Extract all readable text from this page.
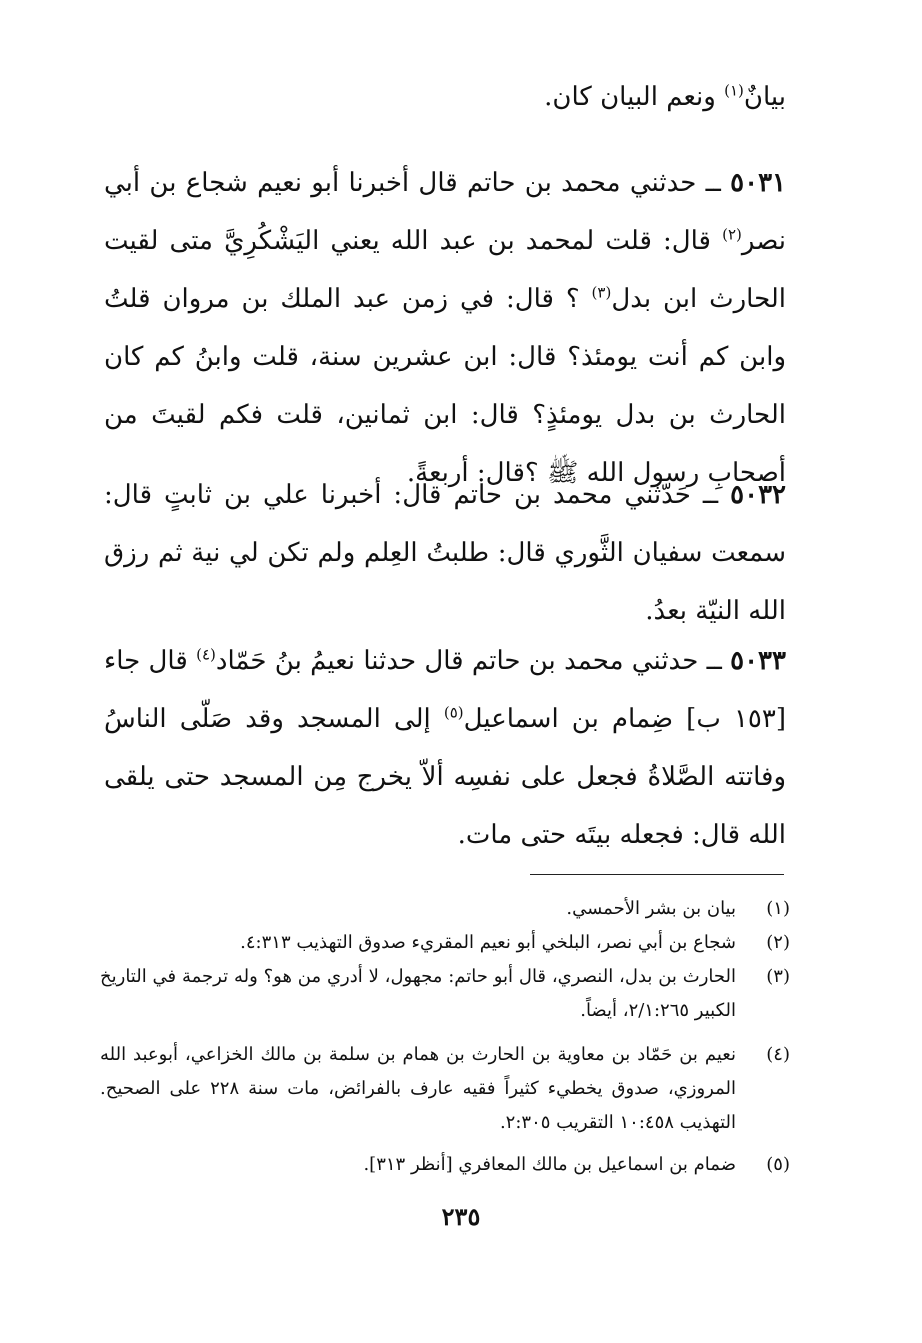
بيانٌ$^{(١)}$ ونعم البيان كان.
٥٠٣١ ــ حدثني محمد بن حاتم قال أخبرنا أبو نعيم شجاع بن أبي نصر$^{(٢)}$ قال: قلت لمحمد بن عبد الله يعني اليَشْكُرِيَّ متى لقيت الحارث ابن بدل$^{(٣)}$ ؟ قال: في زمن عبد الملك بن مروان قلتُ وابن كم أنت يومئذ؟ قال: ابن عشرين سنة، قلت وابنُ كم كان الحارث بن بدل يومئذٍ؟ قال: ابن ثمانين، قلت فكم لقيتَ من أصحابِ رسول الله ﷺ ؟قال: أربعةً.
٥٠٣٢ ــ حَدّثني محمد بن حاتم قال: أخبرنا علي بن ثابتٍ قال: سمعت سفيان الثَّوري قال: طلبتُ العِلم ولم تكن لي نية ثم رزق الله النيّة بعدُ.
٥٠٣٣ ــ حدثني محمد بن حاتم قال حدثنا نعيمُ بنُ حَمّاد$^{(٤)}$ قال جاء [١٥٣ ب] ضِمام بن اسماعيل$^{(٥)}$ إلى المسجد وقد صَلّى الناسُ وفاتته الصَّلاةُ فجعل على نفسِه ألاّ يخرج مِن المسجد حتى يلقى الله قال: فجعله بيتَه حتى مات.
(١)
بيان بن بشر الأحمسي.
(٢)
شجاع بن أبي نصر، البلخي أبو نعيم المقريء صدوق التهذيب ٤:٣١٣.
(٣)
الحارث بن بدل، النصري، قال أبو حاتم: مجهول، لا أدري من هو؟ وله ترجمة في التاريخ الكبير ٢/١:٢٦٥، أيضاً.
(٤)
نعيم بن حَمّاد بن معاوية بن الحارث بن همام بن سلمة بن مالك الخزاعي، أبوعبد الله المروزي، صدوق يخطيء كثيراً فقيه عارف بالفرائض، مات سنة ٢٢٨ على الصحيح. التهذيب ١٠:٤٥٨ التقريب ٢:٣٠٥.
(٥)
ضمام بن اسماعيل بن مالك المعافري [أنظر ٣١٣].
٢٣٥
